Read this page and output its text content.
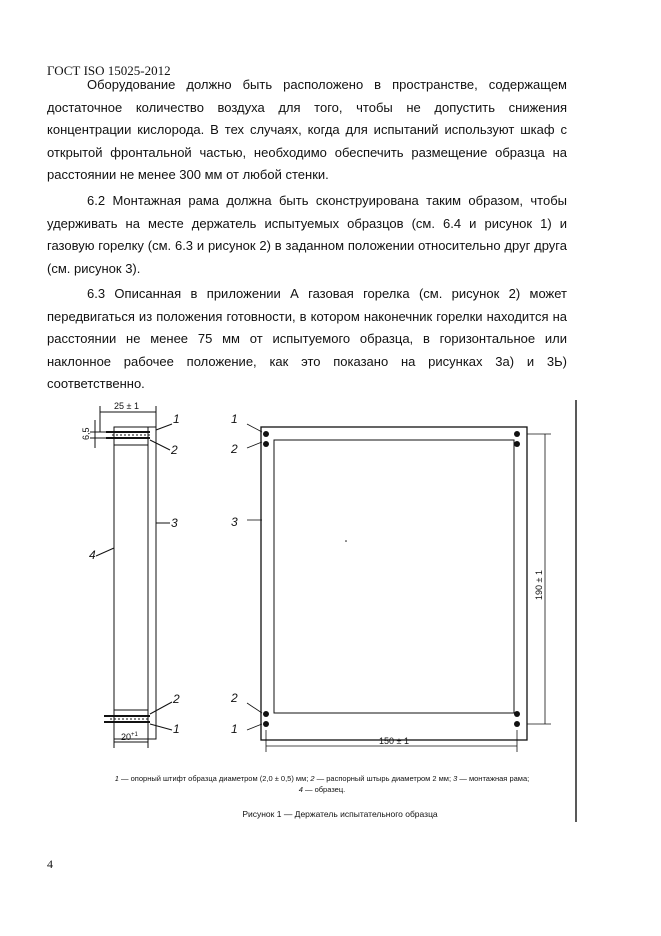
ГОСТ ISO 15025-2012

Оборудование должно быть расположено в пространстве, содержащем достаточное количество воздуха для того, чтобы не допустить снижения концентрации кислорода. В тех случаях, когда для испытаний используют шкаф с открытой фронтальной частью, необходимо обеспечить размещение образца на расстоянии не менее 300 мм от любой стенки.

6.2 Монтажная рама должна быть сконструирована таким образом, чтобы удерживать на месте держатель испытуемых образцов (см. 6.4 и рисунок 1) и газовую горелку (см. 6.3 и рисунок 2) в заданном положении относительно друг друга (см. рисунок 3).

6.3 Описанная в приложении А газовая горелка (см. рисунок 2) может передвигаться из положения готовности, в котором наконечник горелки находится на расстоянии не менее 75 мм от испытуемого образца, в горизонтальное или наклонное рабочее положение, как это показано на рисунках 3а) и 3Ь) соответственно.

1
2
3
4
2
1
25 ± 1
6,5
$20^{+1}$
1
2
3
2
1
190 ± 1
150 ± 1
1 — опорный штифт образца диаметром (2,0 ± 0,5) мм; 2 — распорный штырь диаметром 2 мм; 3 — монтажная рама;
4 — образец.
Рисунок 1 — Держатель испытательного образца
4
